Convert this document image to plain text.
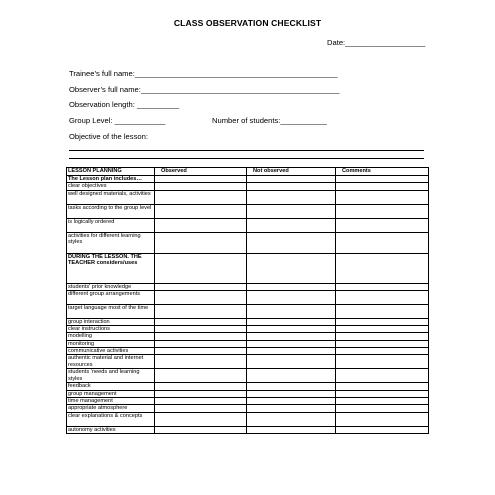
CLASS OBSERVATION CHECKLIST
Date:___________________
Trainee’s full name:________________________________________________
Observer’s full name:_______________________________________________
Observation length: __________
Group Level: ____________	Number of students:___________
Objective of the lesson:
LESSON PLANNING	Observed	Not observed	Comments
The Lesson plan includes…			
clear objectives			
well designed materials, activities			
tasks according to the group level			
is logically ordered			
activities for different learning styles			
DURING THE LESSON. THE TEACHER considers/uses			
students’ prior knowledge			
different group arrangements			
target language most of the time			
group interaction			
clear instructions			
modelling			
monitoring			
communicative activities			
authentic material and internet resources			
students ‘needs and learning styles			
feedback			
group management			
time management			
appropriate atmosphere			
clear explanations & concepts			
autonomy activities			
